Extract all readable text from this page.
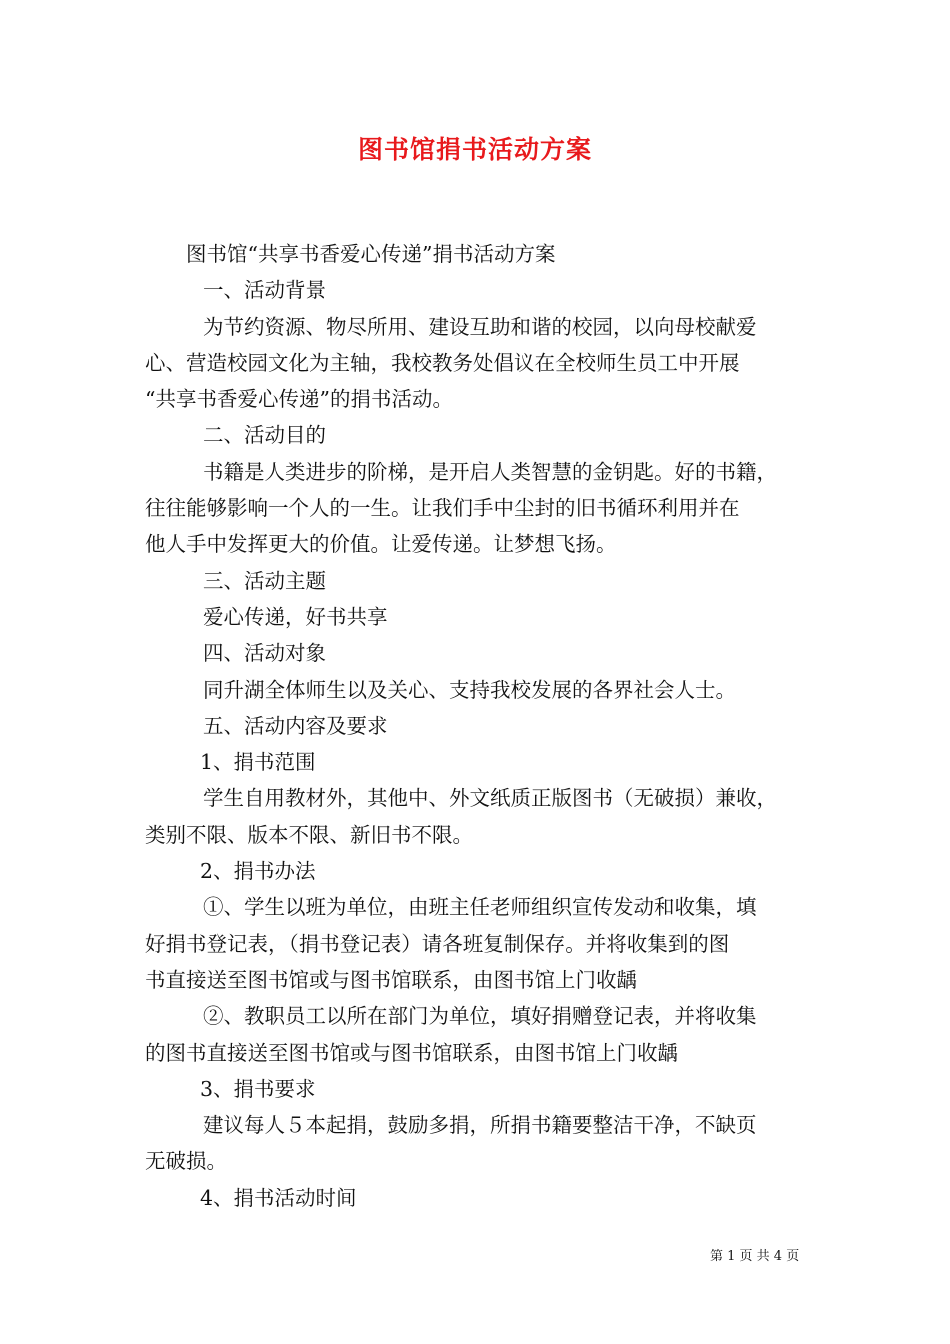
图书馆捐书活动方案

图书馆“共享书香爱心传递”捐书活动方案

一、活动背景

为节约资源、物尽所用、建设互助和谐的校园，以向母校献爱

心、营造校园文化为主轴，我校教务处倡议在全校师生员工中开展

“共享书香爱心传递”的捐书活动。

二、活动目的

书籍是人类进步的阶梯，是开启人类智慧的金钥匙。好的书籍，

往往能够影响一个人的一生。让我们手中尘封的旧书循环利用并在

他人手中发挥更大的价值。让爱传递。让梦想飞扬。

三、活动主题

爱心传递，好书共享

四、活动对象

同升湖全体师生以及关心、支持我校发展的各界社会人士。

五、活动内容及要求

1、捐书范围

学生自用教材外，其他中、外文纸质正版图书（无破损）兼收，

类别不限、版本不限、新旧书不限。

2、捐书办法

①、学生以班为单位，由班主任老师组织宣传发动和收集，填

好捐书登记表，（捐书登记表）请各班复制保存。并将收集到的图

书直接送至图书馆或与图书馆联系，由图书馆上门收龋

②、教职员工以所在部门为单位，填好捐赠登记表，并将收集

的图书直接送至图书馆或与图书馆联系，由图书馆上门收龋

3、捐书要求

建议每人５本起捐，鼓励多捐，所捐书籍要整洁干净，不缺页

无破损。

4、捐书活动时间

第 1 页 共 4 页
